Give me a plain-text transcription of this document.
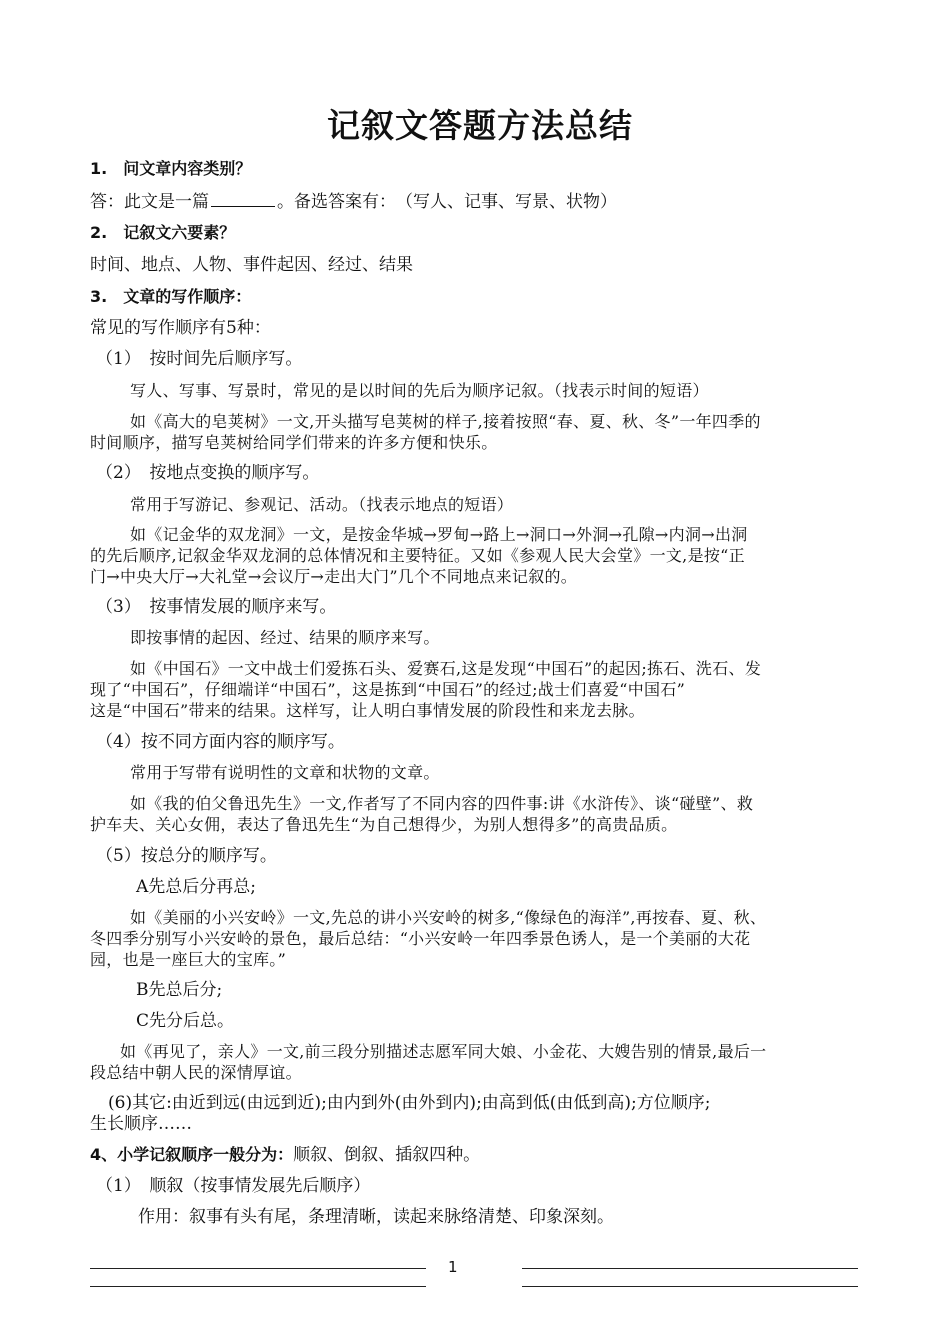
记叙文答题方法总结
1.　问文章内容类别？
答：此文是一篇	。备选答案有：　（写人、记事、写景、状物）
2.　记叙文六要素？
时间、地点、人物、事件起因、经过、结果
3.　文章的写作顺序：
常见的写作顺序有5种：
（1）　按时间先后顺序写。
写人、写事、写景时，常见的是以时间的先后为顺序记叙。（找表示时间的短语）
如《高大的皂荚树》一文,开头描写皂荚树的样子,接着按照“春、夏、秋、冬”一年四季的
时间顺序，描写皂荚树给同学们带来的许多方便和快乐。
（2）　按地点变换的顺序写。
常用于写游记、参观记、活动。（找表示地点的短语）
如《记金华的双龙洞》一文，是按金华城→罗甸→路上→洞口→外洞→孔隙→内洞→出洞
的先后顺序,记叙金华双龙洞的总体情况和主要特征。又如《参观人民大会堂》一文,是按“正
门→中央大厅→大礼堂→会议厅→走出大门”几个不同地点来记叙的。
（3）　按事情发展的顺序来写。
即按事情的起因、经过、结果的顺序来写。
如《中国石》一文中战士们爱拣石头、爱赛石,这是发现“中国石”的起因;拣石、洗石、发
现了“中国石”，仔细端详“中国石”，这是拣到“中国石”的经过;战士们喜爱“中国石”
这是“中国石”带来的结果。这样写，让人明白事情发展的阶段性和来龙去脉。
（4）按不同方面内容的顺序写。
常用于写带有说明性的文章和状物的文章。
如《我的伯父鲁迅先生》一文,作者写了不同内容的四件事:讲《水浒传》、谈“碰壁”、救
护车夫、关心女佣，表达了鲁迅先生“为自己想得少，为别人想得多”的高贵品质。
（5）按总分的顺序写。
A先总后分再总;
如《美丽的小兴安岭》一文,先总的讲小兴安岭的树多,“像绿色的海洋”,再按春、夏、秋、
冬四季分别写小兴安岭的景色，最后总结：“小兴安岭一年四季景色诱人，是一个美丽的大花
园，也是一座巨大的宝库。”
B先总后分;
C先分后总。
如《再见了，亲人》一文,前三段分别描述志愿军同大娘、小金花、大嫂告别的情景,最后一
段总结中朝人民的深情厚谊。
(6)其它:由近到远(由远到近);由内到外(由外到内);由高到低(由低到高);方位顺序;
生长顺序……
4、小学记叙顺序一般分为：顺叙、倒叙、插叙四种。
（1）　顺叙（按事情发展先后顺序）
作用：叙事有头有尾，条理清晰，读起来脉络清楚、印象深刻。
1
